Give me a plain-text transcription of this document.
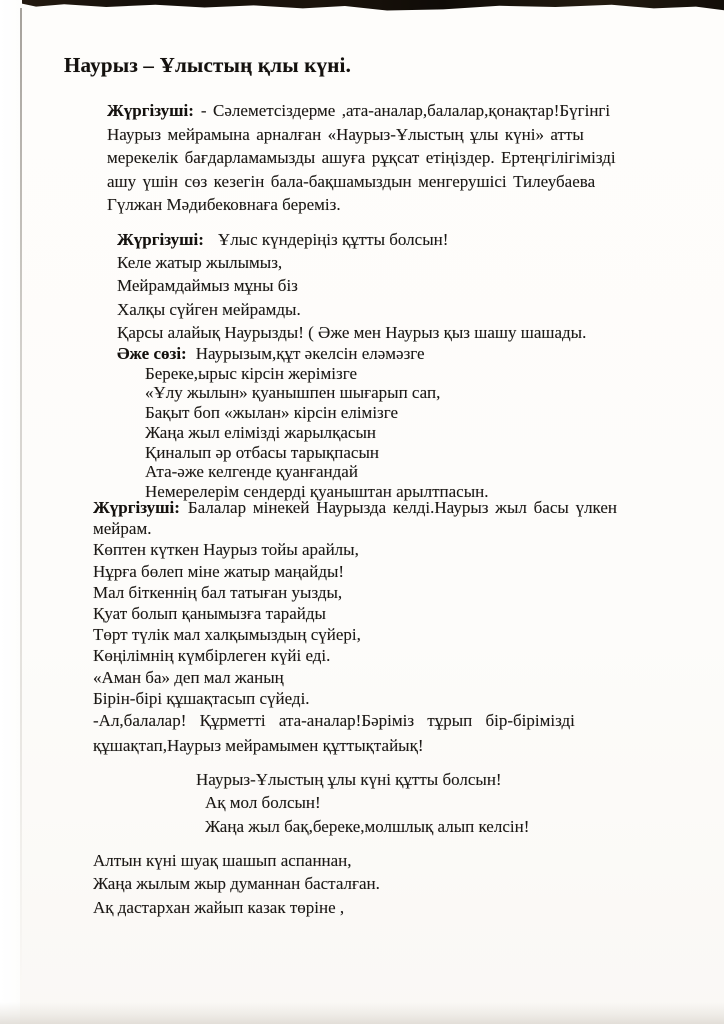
Наурыз – Ұлыстың қлы күні.
Жүргізуші: - Сәлеметсіздерме ,ата-аналар,балалар,қонақтар!Бүгінгі
Наурыз мейрамына арналған «Наурыз-Ұлыстың ұлы күні» атты
мерекелік бағдарламамызды ашуға рұқсат етіңіздер. Ертеңгілігімізді
ашу үшін сөз кезегін бала-бақшамыздын менгерушісі Тилеубаева
Гүлжан Мәдибековнаға береміз.
Жүргізуші: Ұлыс күндеріңіз құтты болсын!
Келе жатыр жылымыз,
Мейрамдаймыз мұны біз
Халқы сүйген мейрамды.
Қарсы алайық Наурызды! ( Әже мен Наурыз қыз шашу шашады.
Әже сөзі: Наурызым,құт әкелсін еләмәзге
Береке,ырыс кірсін жерімізге
«Ұлу жылын» қуанышпен шығарып сап,
Бақыт боп «жылан» кірсін елімізге
Жаңа жыл елімізді жарылқасын
Қиналып әр отбасы тарықпасын
Ата-әже келгенде қуанғандай
Немерелерім сендерді қуаныштан арылтпасын.
Жүргізуші: Балалар мінекей Наурызда келді.Наурыз жыл басы үлкен
мейрам.
Көптен күткен Наурыз тойы арайлы,
Нұрға бөлеп міне жатыр маңайды!
Мал біткеннің бал татыған уызды,
Қуат болып қанымызға тарайды
Төрт түлік мал халқымыздың сүйері,
Көңілімнің күмбірлеген күйі еді.
«Аман ба» деп мал жаның
Бірін-бірі құшақтасып сүйеді.
-Ал,балалар! Құрметті ата-аналар!Бәріміз тұрып бір-бірімізді
құшақтап,Наурыз мейрамымен құттықтайық!
Наурыз-Ұлыстың ұлы күні құтты болсын!
Ақ мол болсын!
Жаңа жыл бақ,береке,молшлық алып келсін!
Алтын күні шуақ шашып аспаннан,
Жаңа жылым жыр думаннан басталған.
Ақ дастархан жайып казак төріне ,
